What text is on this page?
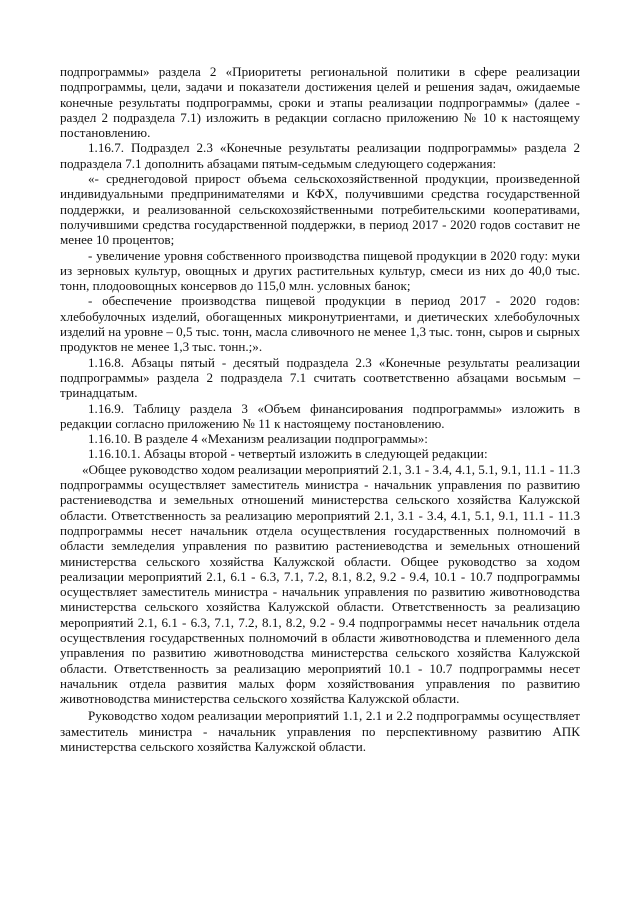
подпрограммы» раздела 2 «Приоритеты региональной политики в сфере реализации подпрограммы, цели, задачи и показатели достижения целей и решения задач, ожидаемые конечные результаты подпрограммы, сроки и этапы реализации подпрограммы» (далее - раздел 2 подраздела 7.1) изложить в редакции согласно приложению № 10 к настоящему постановлению.

1.16.7. Подраздел 2.3 «Конечные результаты реализации подпрограммы» раздела 2 подраздела 7.1 дополнить абзацами пятым-седьмым следующего содержания:

«- среднегодовой прирост объема сельскохозяйственной продукции, произведенной индивидуальными предпринимателями и КФХ, получившими средства государственной поддержки, и реализованной сельскохозяйственными потребительскими кооперативами, получившими средства государственной поддержки, в период 2017 - 2020 годов составит не менее 10 процентов;

- увеличение уровня собственного производства пищевой продукции в 2020 году: муки из зерновых культур, овощных и других растительных культур, смеси из них до 40,0 тыс. тонн, плодоовощных консервов до 115,0 млн. условных банок;

- обеспечение производства пищевой продукции в период 2017 - 2020 годов: хлебобулочных изделий, обогащенных микронутриентами, и диетических хлебобулочных изделий на уровне – 0,5 тыс. тонн, масла сливочного не менее 1,3 тыс. тонн, сыров и сырных продуктов не менее 1,3 тыс. тонн.;».

1.16.8. Абзацы пятый - десятый подраздела 2.3 «Конечные результаты реализации подпрограммы» раздела 2 подраздела 7.1 считать соответственно абзацами восьмым – тринадцатым.

1.16.9. Таблицу раздела 3 «Объем финансирования подпрограммы» изложить в редакции согласно приложению № 11 к настоящему постановлению.

1.16.10. В разделе 4 «Механизм реализации подпрограммы»:

1.16.10.1. Абзацы второй - четвертый изложить в следующей редакции:

«Общее руководство ходом реализации мероприятий 2.1, 3.1 - 3.4, 4.1, 5.1, 9.1, 11.1 - 11.3 подпрограммы осуществляет заместитель министра - начальник управления по развитию растениеводства и земельных отношений министерства сельского хозяйства Калужской области. Ответственность за реализацию мероприятий 2.1, 3.1 - 3.4, 4.1, 5.1, 9.1, 11.1 - 11.3 подпрограммы несет начальник отдела осуществления государственных полномочий в области земледелия управления по развитию растениеводства и земельных отношений министерства сельского хозяйства Калужской области. Общее руководство за ходом реализации мероприятий 2.1, 6.1 - 6.3, 7.1, 7.2, 8.1, 8.2, 9.2 - 9.4, 10.1 - 10.7 подпрограммы осуществляет заместитель министра - начальник управления по развитию животноводства министерства сельского хозяйства Калужской области. Ответственность за реализацию мероприятий 2.1, 6.1 - 6.3, 7.1, 7.2, 8.1, 8.2, 9.2 - 9.4 подпрограммы несет начальник отдела осуществления государственных полномочий в области животноводства и племенного дела управления по развитию животноводства министерства сельского хозяйства Калужской области. Ответственность за реализацию мероприятий 10.1 - 10.7 подпрограммы несет начальник отдела развития малых форм хозяйствования управления по развитию животноводства министерства сельского хозяйства Калужской области.

Руководство ходом реализации мероприятий 1.1, 2.1 и 2.2 подпрограммы осуществляет заместитель министра - начальник управления по перспективному развитию АПК министерства сельского хозяйства Калужской области.
